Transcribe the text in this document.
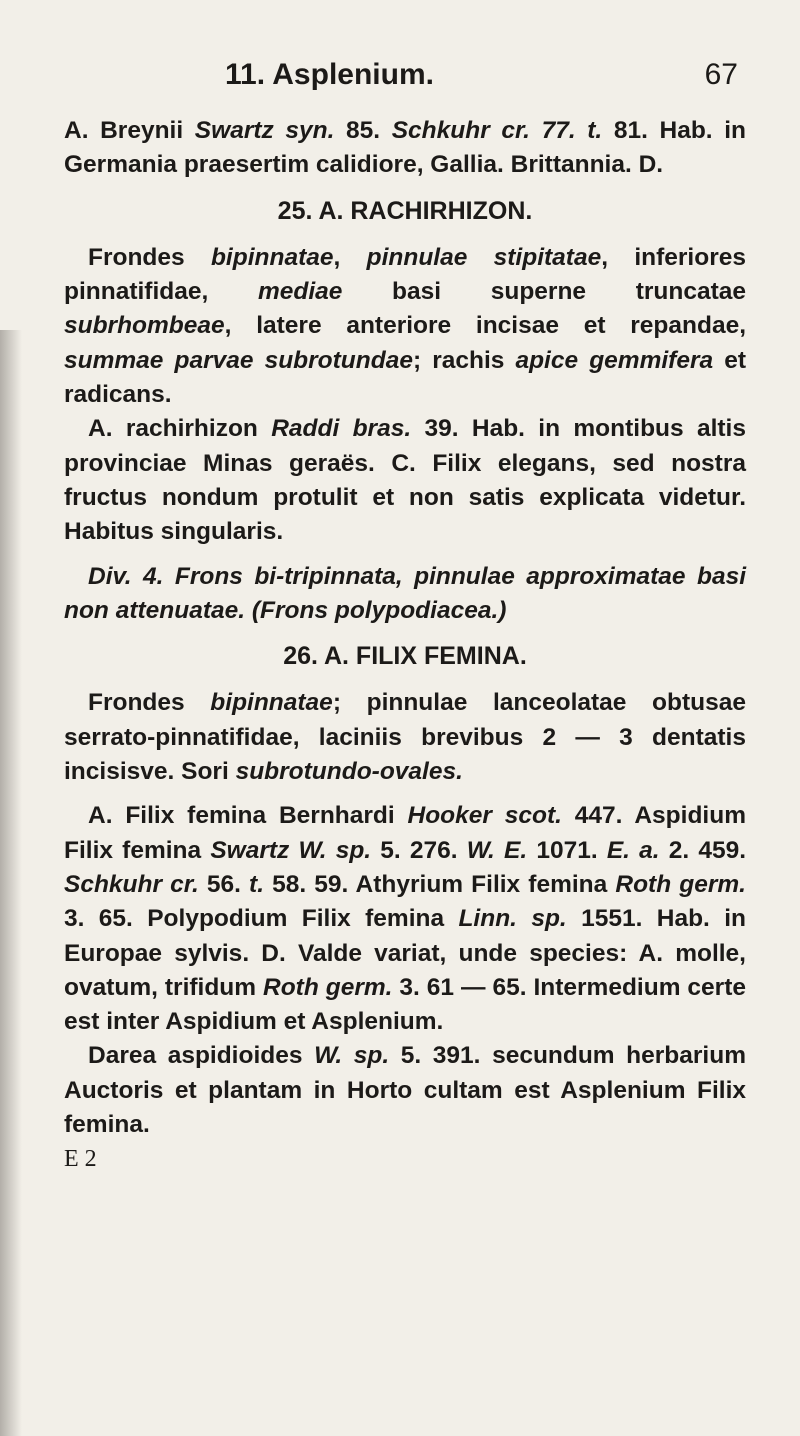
11. Asplenium.	67

A. Breynii Swartz syn. 85. Schkuhr cr. 77. t. 81. Hab. in Germania praesertim calidiore, Gallia. Brittannia. D.

25. A. RACHIRHIZON.

Frondes bipinnatae, pinnulae stipitatae, inferiores pinnatifidae, mediae basi superne truncatae subrhombeae, latere anteriore incisae et repandae, summae parvae subrotundae; rachis apice gemmifera et radicans.

A. rachirhizon Raddi bras. 39. Hab. in montibus altis provinciae Minas geraës. C. Filix elegans, sed nostra fructus nondum protulit et non satis explicata videtur. Habitus singularis.

Div. 4. Frons bi-tripinnata, pinnulae approximatae basi non attenuatae. (Frons polypodiacea.)

26. A. FILIX FEMINA.

Frondes bipinnatae; pinnulae lanceolatae obtusae serrato-pinnatifidae, laciniis brevibus 2 — 3 dentatis incisisve. Sori subrotundo-ovales.

A. Filix femina Bernhardi Hooker scot. 447. Aspidium Filix femina Swartz W. sp. 5. 276. W. E. 1071. E. a. 2. 459. Schkuhr cr. 56. t. 58. 59. Athyrium Filix femina Roth germ. 3. 65. Polypodium Filix femina Linn. sp. 1551. Hab. in Europae sylvis. D. Valde variat, unde species: A. molle, ovatum, trifidum Roth germ. 3. 61 — 65. Intermedium certe est inter Aspidium et Asplenium.

Darea aspidioides W. sp. 5. 391. secundum herbarium Auctoris et plantam in Horto cultam est Asplenium Filix femina.

E 2
